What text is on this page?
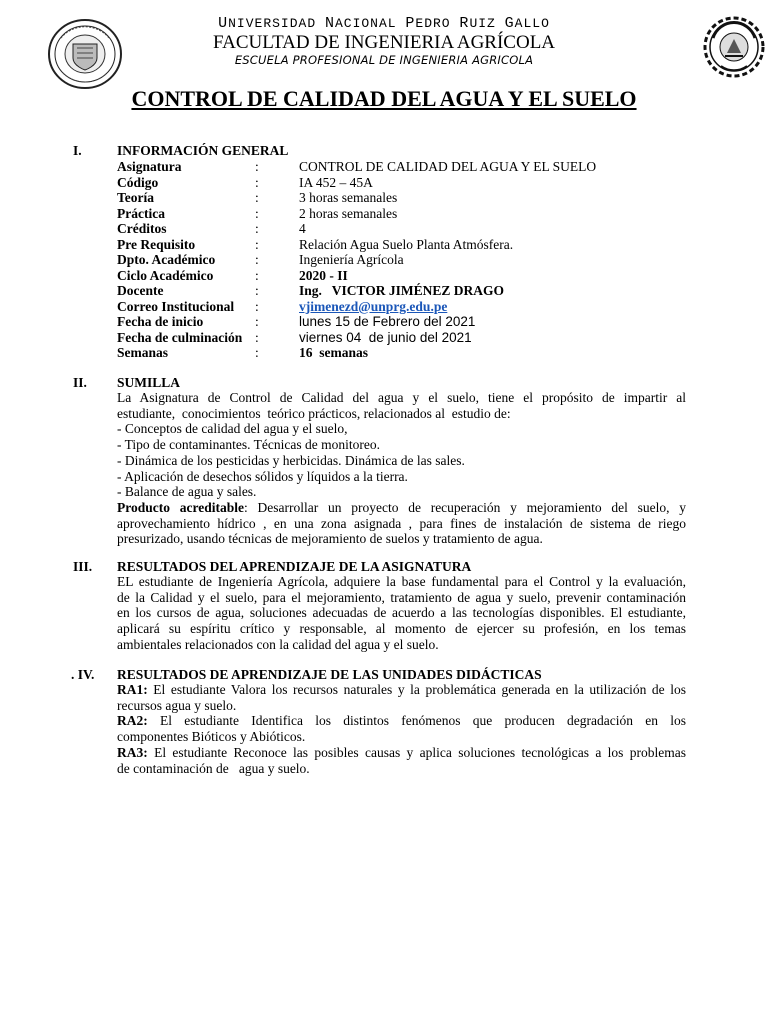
UNIVERSIDAD NACIONAL PEDRO RUIZ GALLO
FACULTAD DE INGENIERIA AGRÍCOLA
ESCUELA PROFESIONAL DE INGENIERIA AGRICOLA
CONTROL DE CALIDAD DEL AGUA Y EL SUELO
I.	INFORMACIÓN GENERAL
Asignatura	:	CONTROL DE CALIDAD DEL AGUA Y EL SUELO
Código	:	IA 452 – 45A
Teoría	:	3 horas semanales
Práctica	:	2 horas semanales
Créditos	:	4
Pre Requisito	:	Relación Agua Suelo Planta Atmósfera.
Dpto. Académico	:	Ingeniería Agrícola
Ciclo Académico	:	2020 - II
Docente	:	Ing.   VICTOR JIMÉNEZ DRAGO
Correo Institucional :	vjimenezd@unprg.edu.pe
Fecha de inicio	:	lunes 15 de Febrero del 2021
Fecha de culminación :	viernes 04  de junio del 2021
Semanas	:	16  semanas
II. SUMILLA
La Asignatura de Control de Calidad del agua y el suelo, tiene el propósito de impartir al
estudiante,  conocimientos  teórico prácticos, relacionados al  estudio de:
- Conceptos de calidad del agua y el suelo,
- Tipo de contaminantes. Técnicas de monitoreo.
- Dinámica de los pesticidas y herbicidas. Dinámica de las sales.
- Aplicación de desechos sólidos y líquidos a la tierra.
- Balance de agua y sales.
Producto acreditable: Desarrollar un proyecto de recuperación y mejoramiento del suelo, y
aprovechamiento hídrico , en una zona asignada , para fines de instalación de sistema de riego
presurizado, usando técnicas de mejoramiento de suelos y tratamiento de agua.
III. RESULTADOS DEL APRENDIZAJE DE LA ASIGNATURA
EL estudiante de Ingeniería Agrícola, adquiere la base fundamental para el Control y la evaluación,
de la Calidad y el suelo, para el mejoramiento, tratamiento de agua y suelo, prevenir contaminación
en los cursos de agua, soluciones adecuadas de acuerdo a las tecnologías disponibles. El estudiante,
aplicará su espíritu crítico y responsable, al momento de ejercer su profesión, en los temas
ambientales relacionados con la calidad del agua y el suelo.
. IV. RESULTADOS DE APRENDIZAJE DE LAS UNIDADES DIDÁCTICAS
RA1: El estudiante Valora los recursos naturales y la problemática generada en la utilización de los
recursos agua y suelo.
RA2: El estudiante Identifica los distintos fenómenos que producen degradación en los
componentes Bióticos y Abióticos.
RA3: El estudiante Reconoce las posibles causas y aplica soluciones tecnológicas a los problemas
de contaminación de   agua y suelo.
